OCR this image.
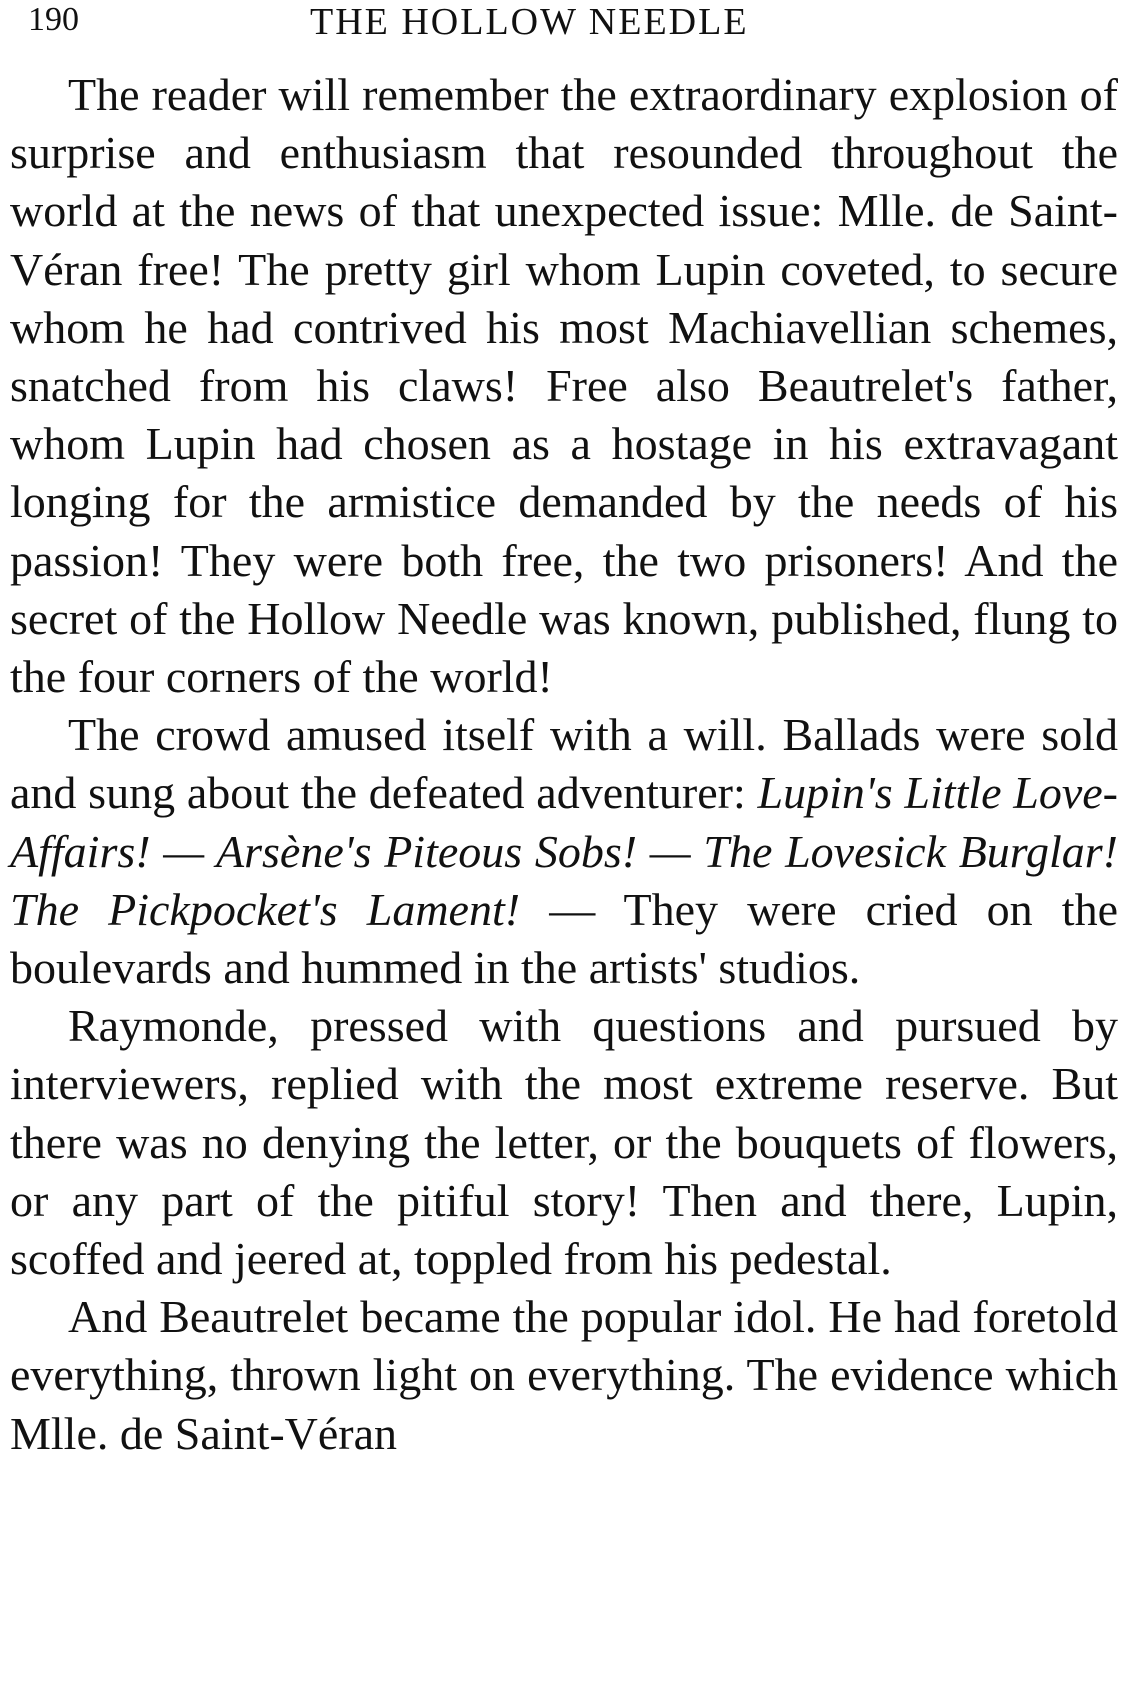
190	THE HOLLOW NEEDLE

The reader will remember the extraordinary explosion of surprise and enthusiasm that resounded throughout the world at the news of that unexpected issue: Mlle. de Saint-Véran free! The pretty girl whom Lupin coveted, to secure whom he had contrived his most Machiavellian schemes, snatched from his claws! Free also Beautrelet's father, whom Lupin had chosen as a hostage in his extravagant longing for the armistice demanded by the needs of his passion! They were both free, the two prisoners! And the secret of the Hollow Needle was known, published, flung to the four corners of the world!

The crowd amused itself with a will. Ballads were sold and sung about the defeated adventurer: Lupin's Little Love-Affairs! — Arsène's Piteous Sobs! — The Lovesick Burglar! The Pickpocket's Lament! — They were cried on the boulevards and hummed in the artists' studios.

Raymonde, pressed with questions and pursued by interviewers, replied with the most extreme reserve. But there was no denying the letter, or the bouquets of flowers, or any part of the pitiful story! Then and there, Lupin, scoffed and jeered at, toppled from his pedestal.

And Beautrelet became the popular idol. He had foretold everything, thrown light on everything. The evidence which Mlle. de Saint-Véran
